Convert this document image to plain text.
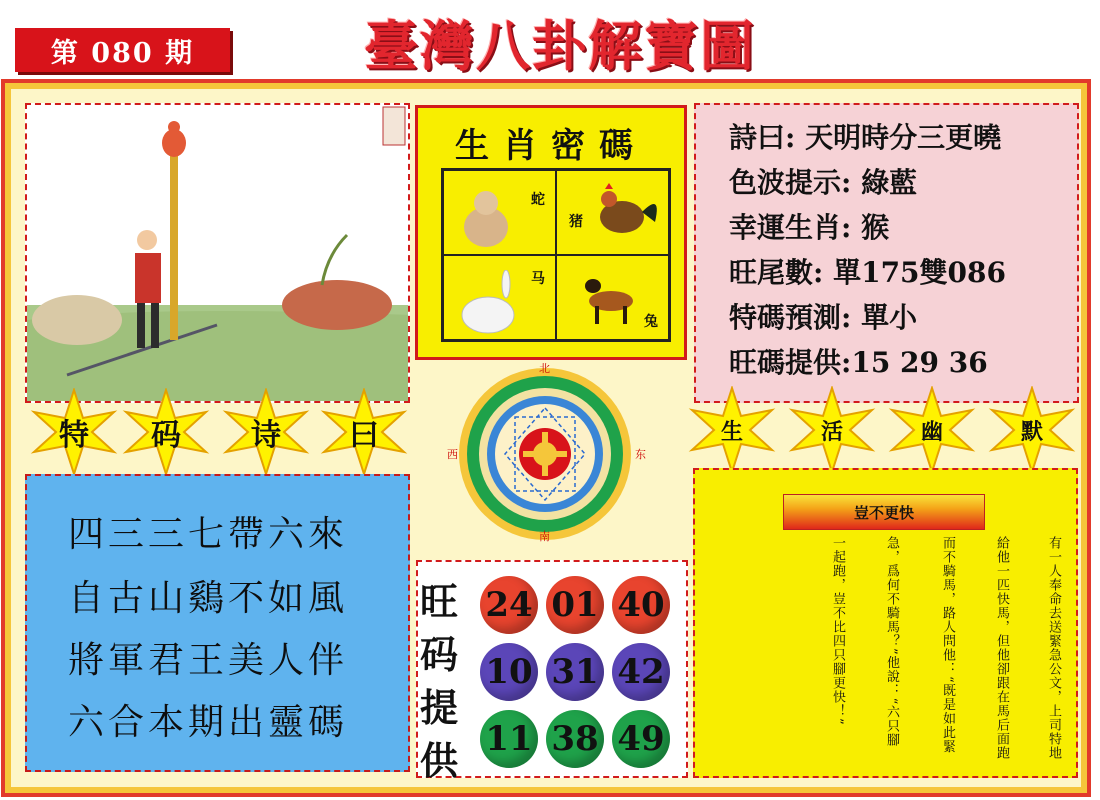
第 080 期	臺灣八卦解寶圖
生肖密碼
蛇
猪
马
兔
詩曰: 天明時分三更曉
色波提示: 綠藍
幸運生肖: 猴
旺尾數: 單175雙086
特碼預測: 單小
旺碼提供:15 29 36
特	码	诗	曰	生	活	幽	默
北
东
南
西
四三三七帶六來
自古山鷄不如風
將軍君王美人伴
六合本期出靈碼
旺码提供
24 01 40
10 31 42
11 38 49
豈不更快
有一人奉命去送緊急公文，上司特地
給他一匹快馬，但他卻跟在馬后面跑
而不騎馬，路人問他：“既是如此緊
急，爲何不騎馬？”他說：“六只腳
一起跑，豈不比四只腳更快！”
